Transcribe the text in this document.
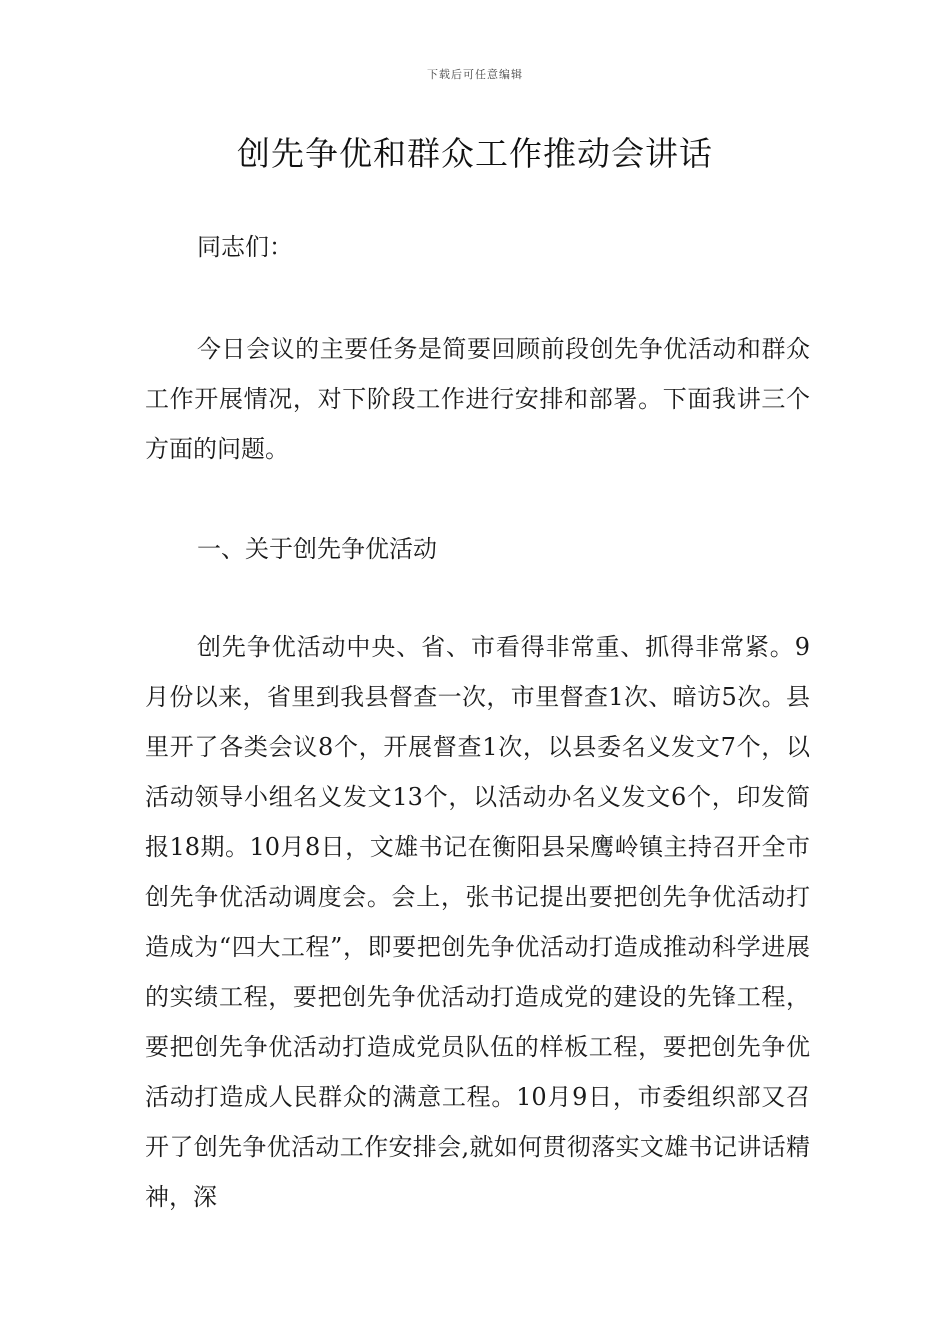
下载后可任意编辑
创先争优和群众工作推动会讲话

同志们：

今日会议的主要任务是简要回顾前段创先争优活动和群众工作开展情况，对下阶段工作进行安排和部署。下面我讲三个方面的问题。

一、关于创先争优活动

创先争优活动中央、省、市看得非常重、抓得非常紧。9月份以来，省里到我县督查一次，市里督查1次、暗访5次。县里开了各类会议8个，开展督查1次，以县委名义发文7个，以活动领导小组名义发文13个，以活动办名义发文6个，印发简报18期。10月8日，文雄书记在衡阳县呆鹰岭镇主持召开全市创先争优活动调度会。会上，张书记提出要把创先争优活动打造成为“四大工程”，即要把创先争优活动打造成推动科学进展的实绩工程，要把创先争优活动打造成党的建设的先锋工程，要把创先争优活动打造成党员队伍的样板工程，要把创先争优活动打造成人民群众的满意工程。10月9日，市委组织部又召开了创先争优活动工作安排会,就如何贯彻落实文雄书记讲话精神，深
